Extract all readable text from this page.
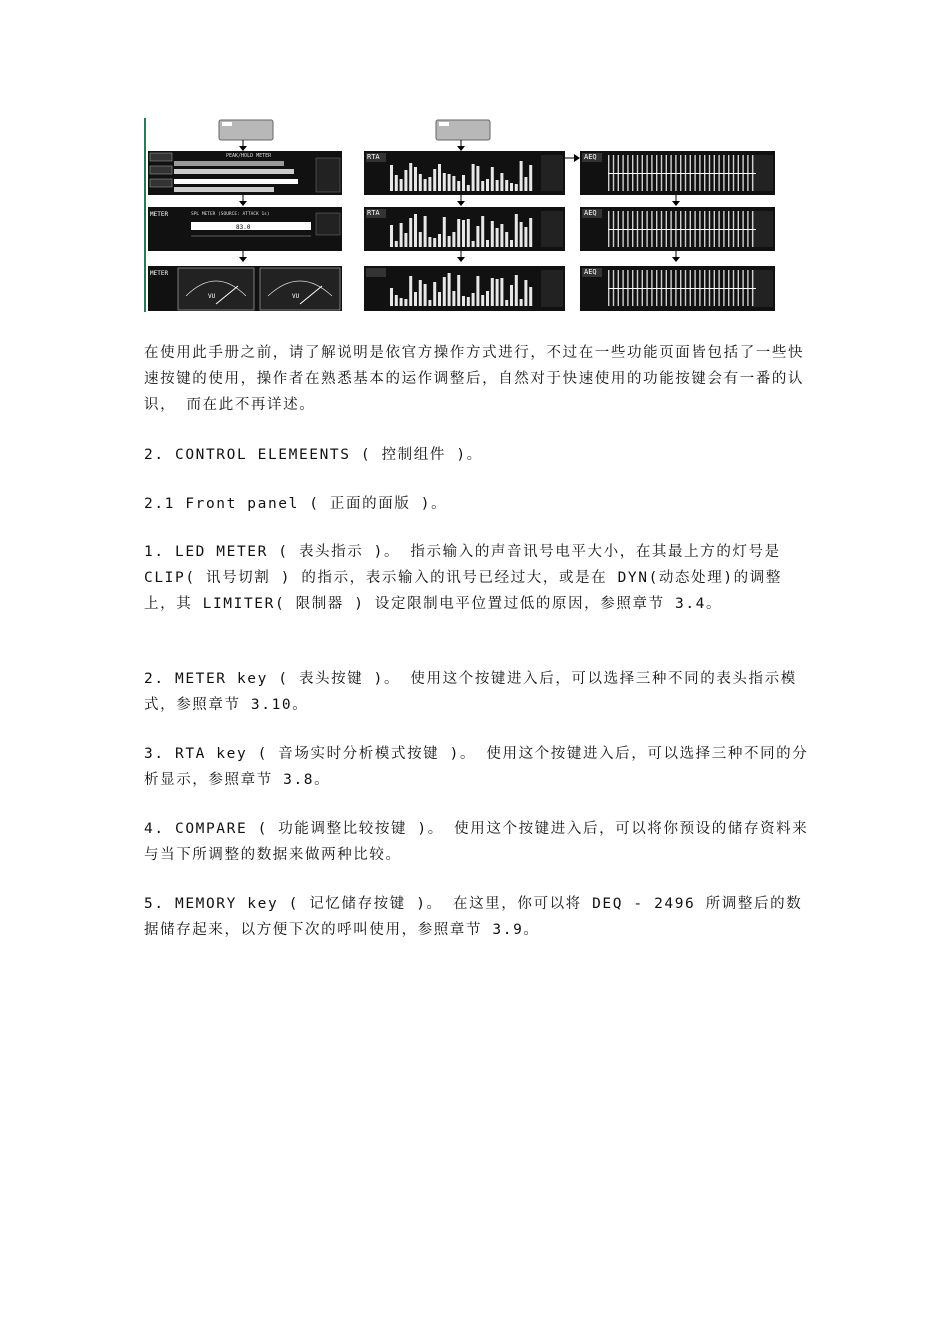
PEAK/HOLD METER
METER	SPL METER (SOURCE: ATTACK 1s)
83.0
METER
VU	VU
RTA
RTA
AEQ
AEQ
AEQ
在使用此手册之前，请了解说明是依官方操作方式进行，不过在一些功能页面皆包括了一些快速按键的使用，操作者在熟悉基本的运作调整后，自然对于快速使用的功能按键会有一番的认识， 而在此不再详述。
2. CONTROL ELEMEENTS ( 控制组件 )。
2.1 Front panel ( 正面的面版 )。
1. LED METER ( 表头指示 )。 指示输入的声音讯号电平大小，在其最上方的灯号是CLIP( 讯号切割 ) 的指示，表示输入的讯号已经过大，或是在 DYN(动态处理)的调整上，其 LIMITER( 限制器 ) 设定限制电平位置过低的原因，参照章节 3.4。
2. METER key ( 表头按键 )。 使用这个按键进入后，可以选择三种不同的表头指示模式，参照章节 3.10。
3. RTA key ( 音场实时分析模式按键 )。 使用这个按键进入后，可以选择三种不同的分析显示，参照章节 3.8。
4. COMPARE ( 功能调整比较按键 )。 使用这个按键进入后，可以将你预设的储存资料来与当下所调整的数据来做两种比较。
5. MEMORY key ( 记忆储存按键 )。 在这里，你可以将 DEQ - 2496 所调整后的数据储存起来，以方便下次的呼叫使用，参照章节 3.9。
